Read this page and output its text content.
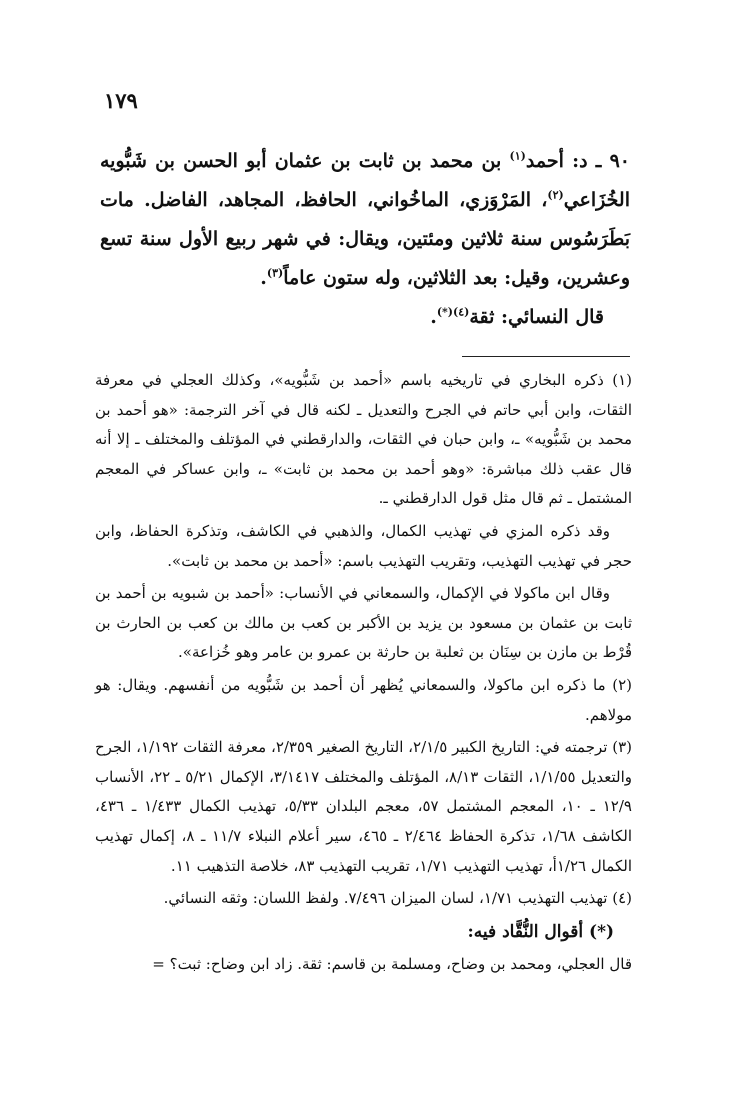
١٧٩

٩٠ ـ د: أحمد$^{(١)}$ بن محمد بن ثابت بن عثمان أبو الحسن بن شَبُّويه الخُزَاعي$^{(٢)}$، المَرْوَزي، الماخُواني، الحافظ، المجاهد، الفاضل. مات بَطَرَسُوس سنة ثلاثين ومئتين، ويقال: في شهر ربيع الأول سنة تسع وعشرين، وقيل: بعد الثلاثين، وله ستون عاماً$^{(٣)}$.

قال النسائي: ثقة$^{(٤)(*)}$.

(١) ذكره البخاري في تاريخيه باسم «أحمد بن شَبُّويه»، وكذلك العجلي في معرفة الثقات، وابن أبي حاتم في الجرح والتعديل ـ لكنه قال في آخر الترجمة: «هو أحمد بن محمد بن شَبُّويه» ـ، وابن حبان في الثقات، والدارقطني في المؤتلف والمختلف ـ إلا أنه قال عقب ذلك مباشرة: «وهو أحمد بن محمد بن ثابت» ـ، وابن عساكر في المعجم المشتمل ـ ثم قال مثل قول الدارقطني ـ.

وقد ذكره المزي في تهذيب الكمال، والذهبي في الكاشف، وتذكرة الحفاظ، وابن حجر في تهذيب التهذيب، وتقريب التهذيب باسم: «أحمد بن محمد بن ثابت».

وقال ابن ماكولا في الإكمال، والسمعاني في الأنساب: «أحمد بن شبويه بن أحمد بن ثابت بن عثمان بن مسعود بن يزيد بن الأكبر بن كعب بن مالك بن كعب بن الحارث بن قُرْط بن مازن بن سِنَان بن ثعلبة بن حارثة بن عمرو بن عامر وهو خُزاعة».

(٢) ما ذكره ابن ماكولا، والسمعاني يُظهر أن أحمد بن شَبُّويه من أنفسهم. ويقال: هو مولاهم.

(٣) ترجمته في: التاريخ الكبير ٢/١/٥، التاريخ الصغير ٢/٣٥٩، معرفة الثقات ١/١٩٢، الجرح والتعديل ١/١/٥٥، الثقات ٨/١٣، المؤتلف والمختلف ٣/١٤١٧، الإكمال ٥/٢١ ـ ٢٢، الأنساب ١٢/٩ ـ ١٠، المعجم المشتمل ٥٧، معجم البلدان ٥/٣٣، تهذيب الكمال ١/٤٣٣ ـ ٤٣٦، الكاشف ١/٦٨، تذكرة الحفاظ ٢/٤٦٤ ـ ٤٦٥، سير أعلام النبلاء ١١/٧ ـ ٨، إكمال تهذيب الكمال ١/٢٦أ، تهذيب التهذيب ١/٧١، تقريب التهذيب ٨٣، خلاصة التذهيب ١١.

(٤) تهذيب التهذيب ١/٧١، لسان الميزان ٧/٤٩٦. ولفظ اللسان: وثقه النسائي.

(*) أقوال النُّقَّاد فيه:

قال العجلي، ومحمد بن وضاح، ومسلمة بن قاسم: ثقة. زاد ابن وضاح: ثبت؟ =
